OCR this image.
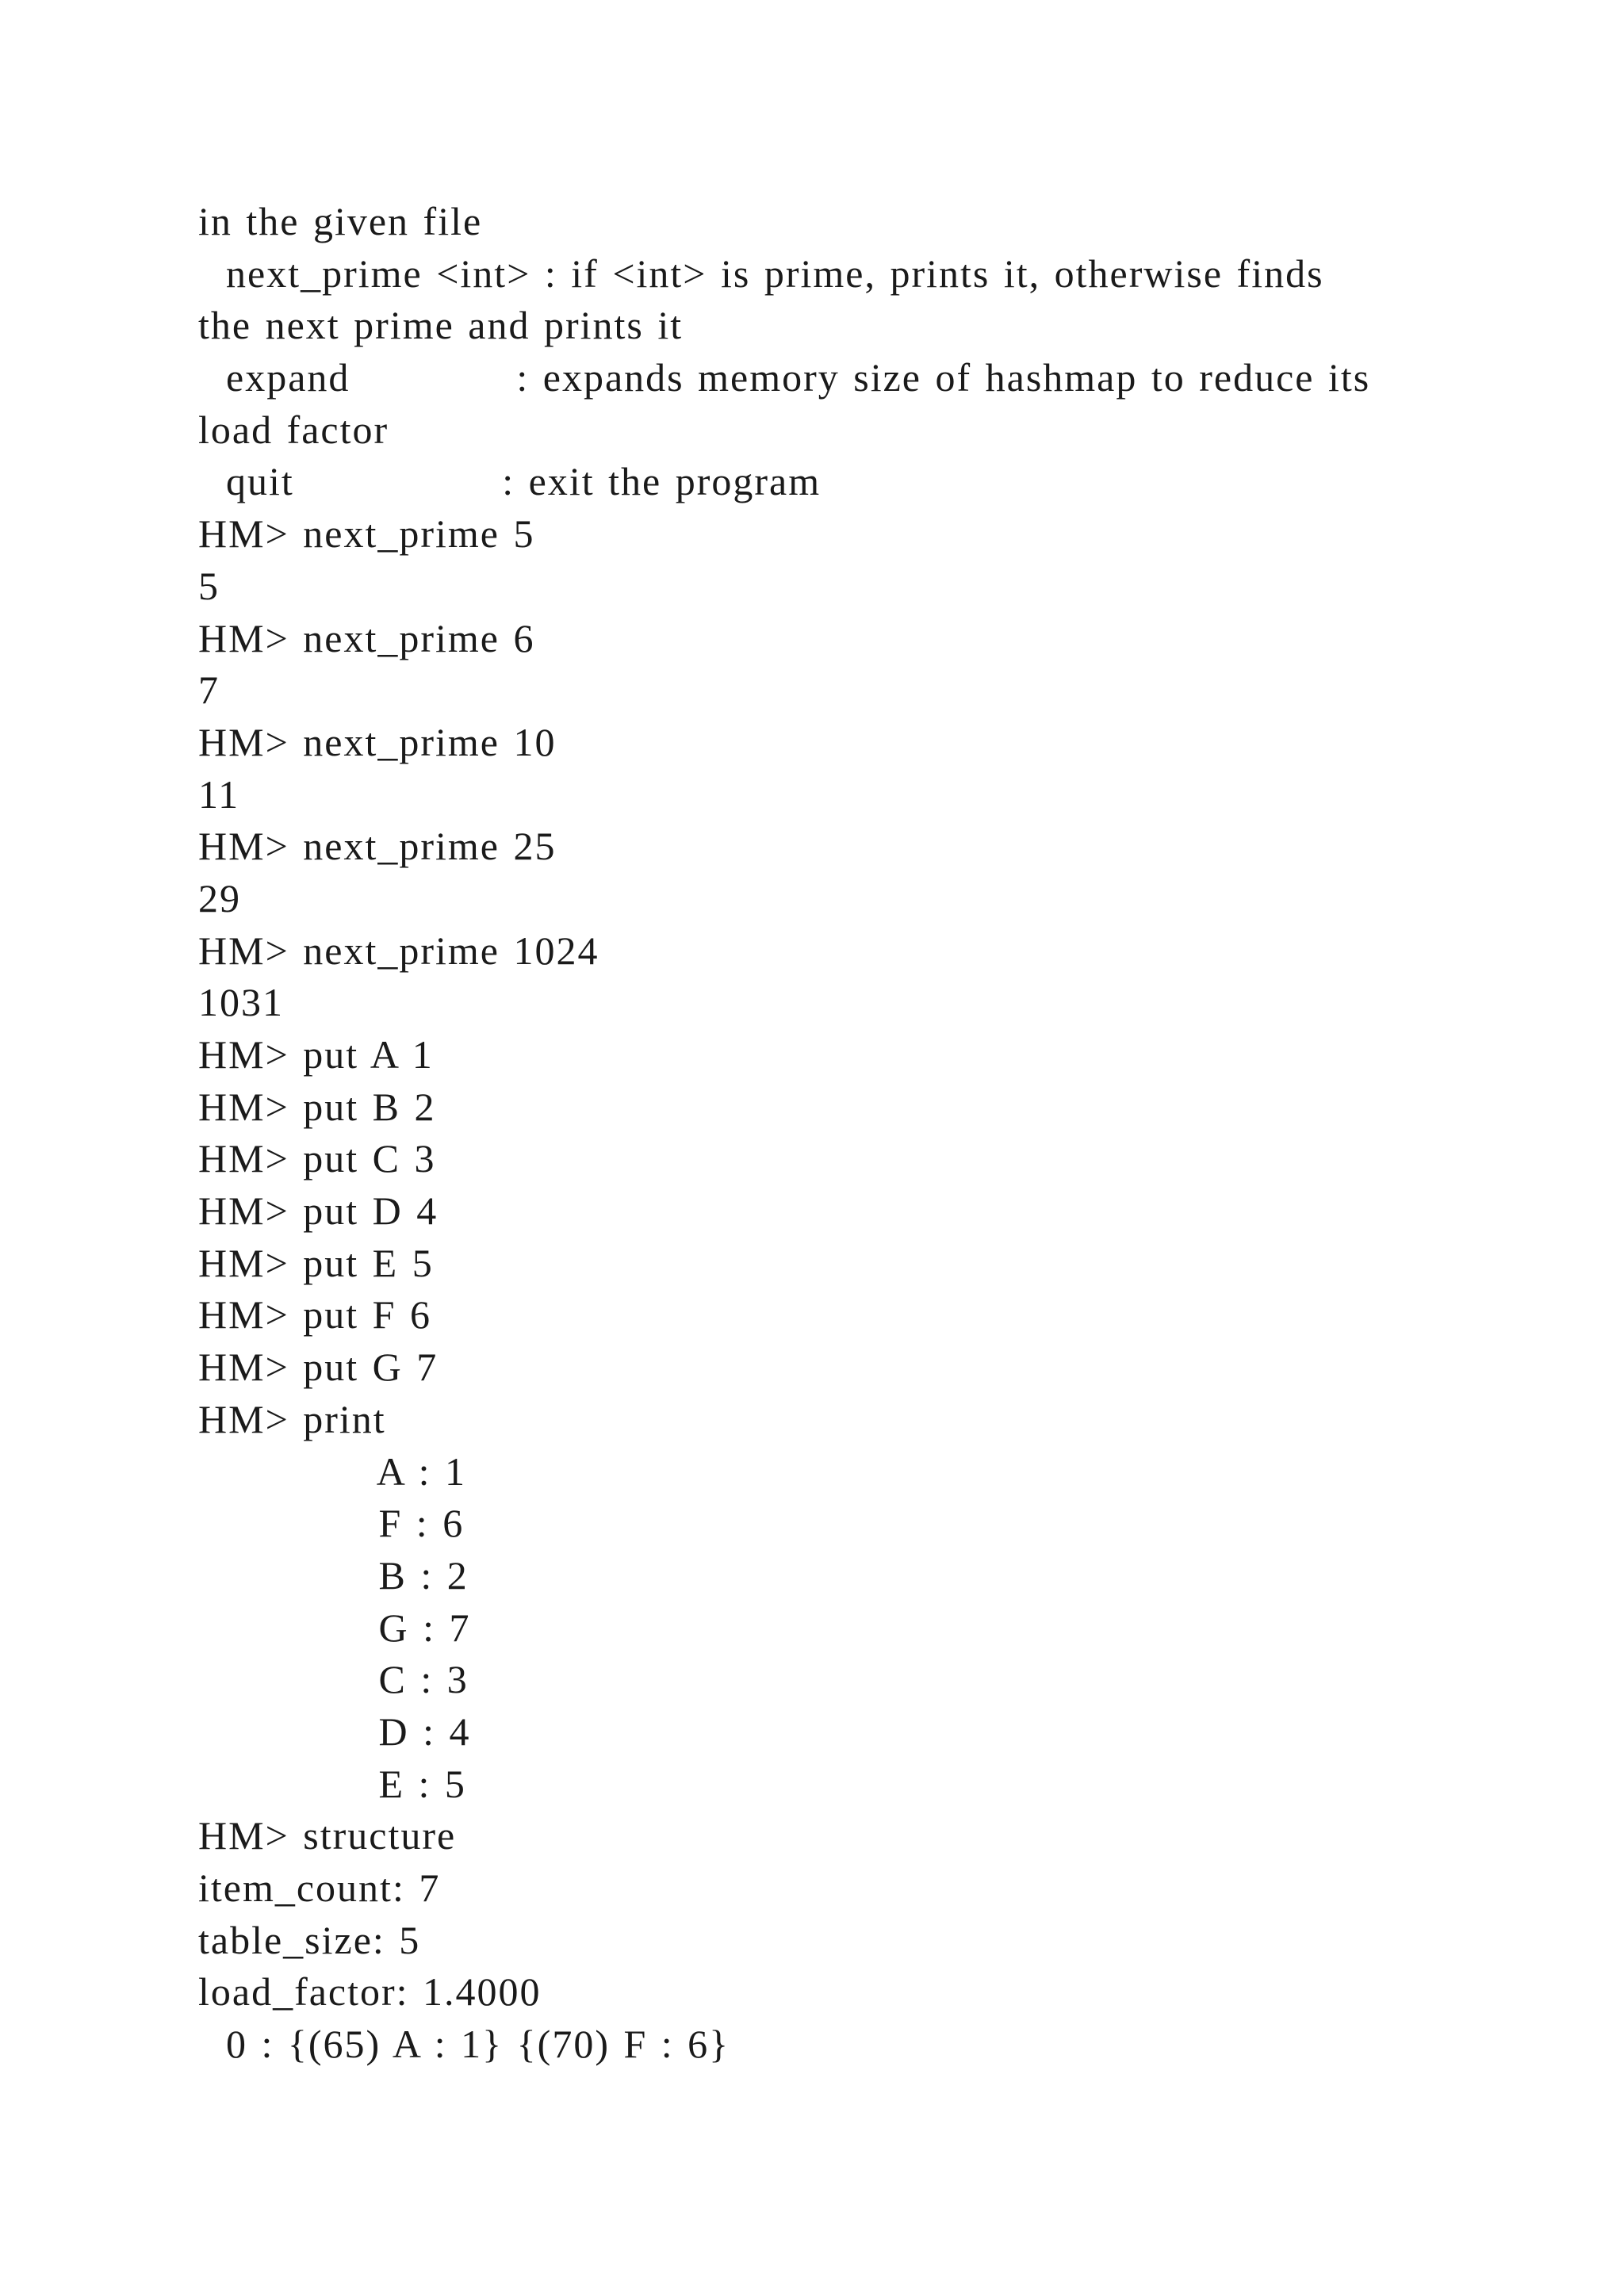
in the given file
next_prime <int> : if <int> is prime, prints it, otherwise finds
the next prime and prints it
expand            : expands memory size of hashmap to reduce its
load factor
quit               : exit the program
HM> next_prime 5
5
HM> next_prime 6
7
HM> next_prime 10
11
HM> next_prime 25
29
HM> next_prime 1024
1031
HM> put A 1
HM> put B 2
HM> put C 3
HM> put D 4
HM> put E 5
HM> put F 6
HM> put G 7
HM> print
A : 1
F : 6
B : 2
G : 7
C : 3
D : 4
E : 5
HM> structure
item_count: 7
table_size: 5
load_factor: 1.4000
0 : {(65) A : 1} {(70) F : 6}
